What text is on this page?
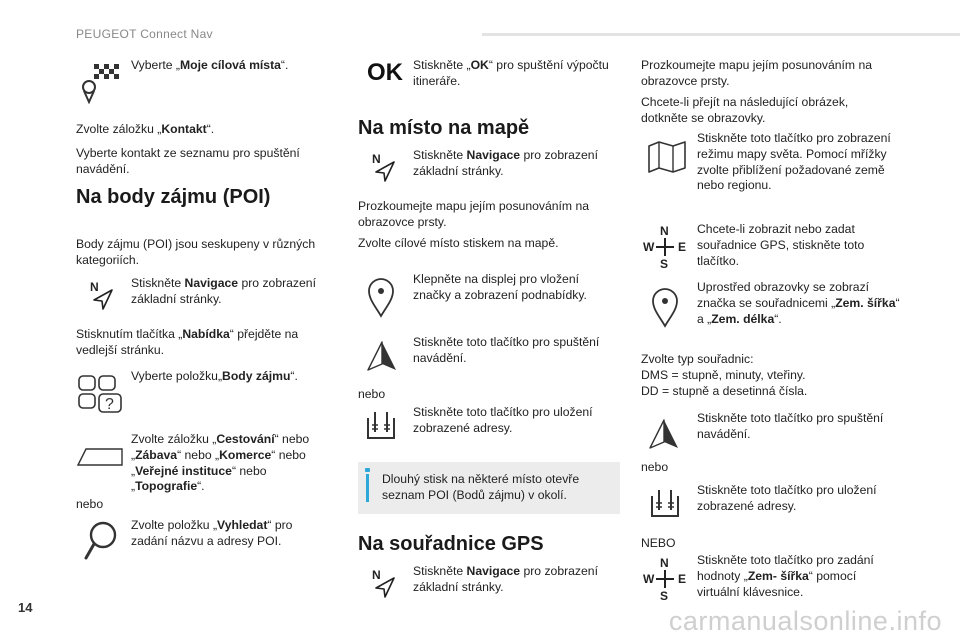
PEUGEOT Connect Nav
Vyberte „Moje cílová místa“.
Zvolte záložku „Kontakt“.
Vyberte kontakt ze seznamu pro spuštění navádění.
Na body zájmu (POI)
Body zájmu (POI) jsou seskupeny v různých kategoriích.
N	Stiskněte Navigace pro zobrazení základní stránky.
Stisknutím tlačítka „Nabídka“ přejděte na vedlejší stránku.
?
Vyberte položku„Body zájmu“.
Zvolte záložku „Cestování“ nebo „Zábava“ nebo „Komerce“ nebo „Veřejné instituce“ nebo „Topografie“.
nebo
Zvolte položku „Vyhledat“ pro zadání názvu a adresy POI.
OK Stiskněte „OK“ pro spuštění výpočtu itineráře.
Na místo na mapě
N	Stiskněte Navigace pro zobrazení základní stránky.
Prozkoumejte mapu jejím posunováním na obrazovce prsty.
Zvolte cílové místo stiskem na mapě.
Klepněte na displej pro vložení značky a zobrazení podnabídky.
Stiskněte toto tlačítko pro spuštění navádění.
nebo
Stiskněte toto tlačítko pro uložení zobrazené adresy.
Dlouhý stisk na některé místo otevře seznam POI (Bodů zájmu) v okolí.
Na souřadnice GPS
N	Stiskněte Navigace pro zobrazení základní stránky.
Prozkoumejte mapu jejím posunováním na obrazovce prsty.
Chcete-li přejít na následující obrázek, dotkněte se obrazovky.
Stiskněte toto tlačítko pro zobrazení režimu mapy světa. Pomocí mřížky zvolte přiblížení požadované země nebo regionu.
N
S
W E
Chcete-li zobrazit nebo zadat souřadnice GPS, stiskněte toto tlačítko.
Uprostřed obrazovky se zobrazí značka se souřadnicemi „Zem. šířka“ a „Zem. délka“.
Zvolte typ souřadnic:
DMS = stupně, minuty, vteřiny.
DD = stupně a desetinná čísla.
Stiskněte toto tlačítko pro spuštění navádění.
nebo
Stiskněte toto tlačítko pro uložení zobrazené adresy.
NEBO
N
S
W E
Stiskněte toto tlačítko pro zadání hodnoty „Zem- šířka“ pomocí virtuální klávesnice.
14	carmanualsonline.info
